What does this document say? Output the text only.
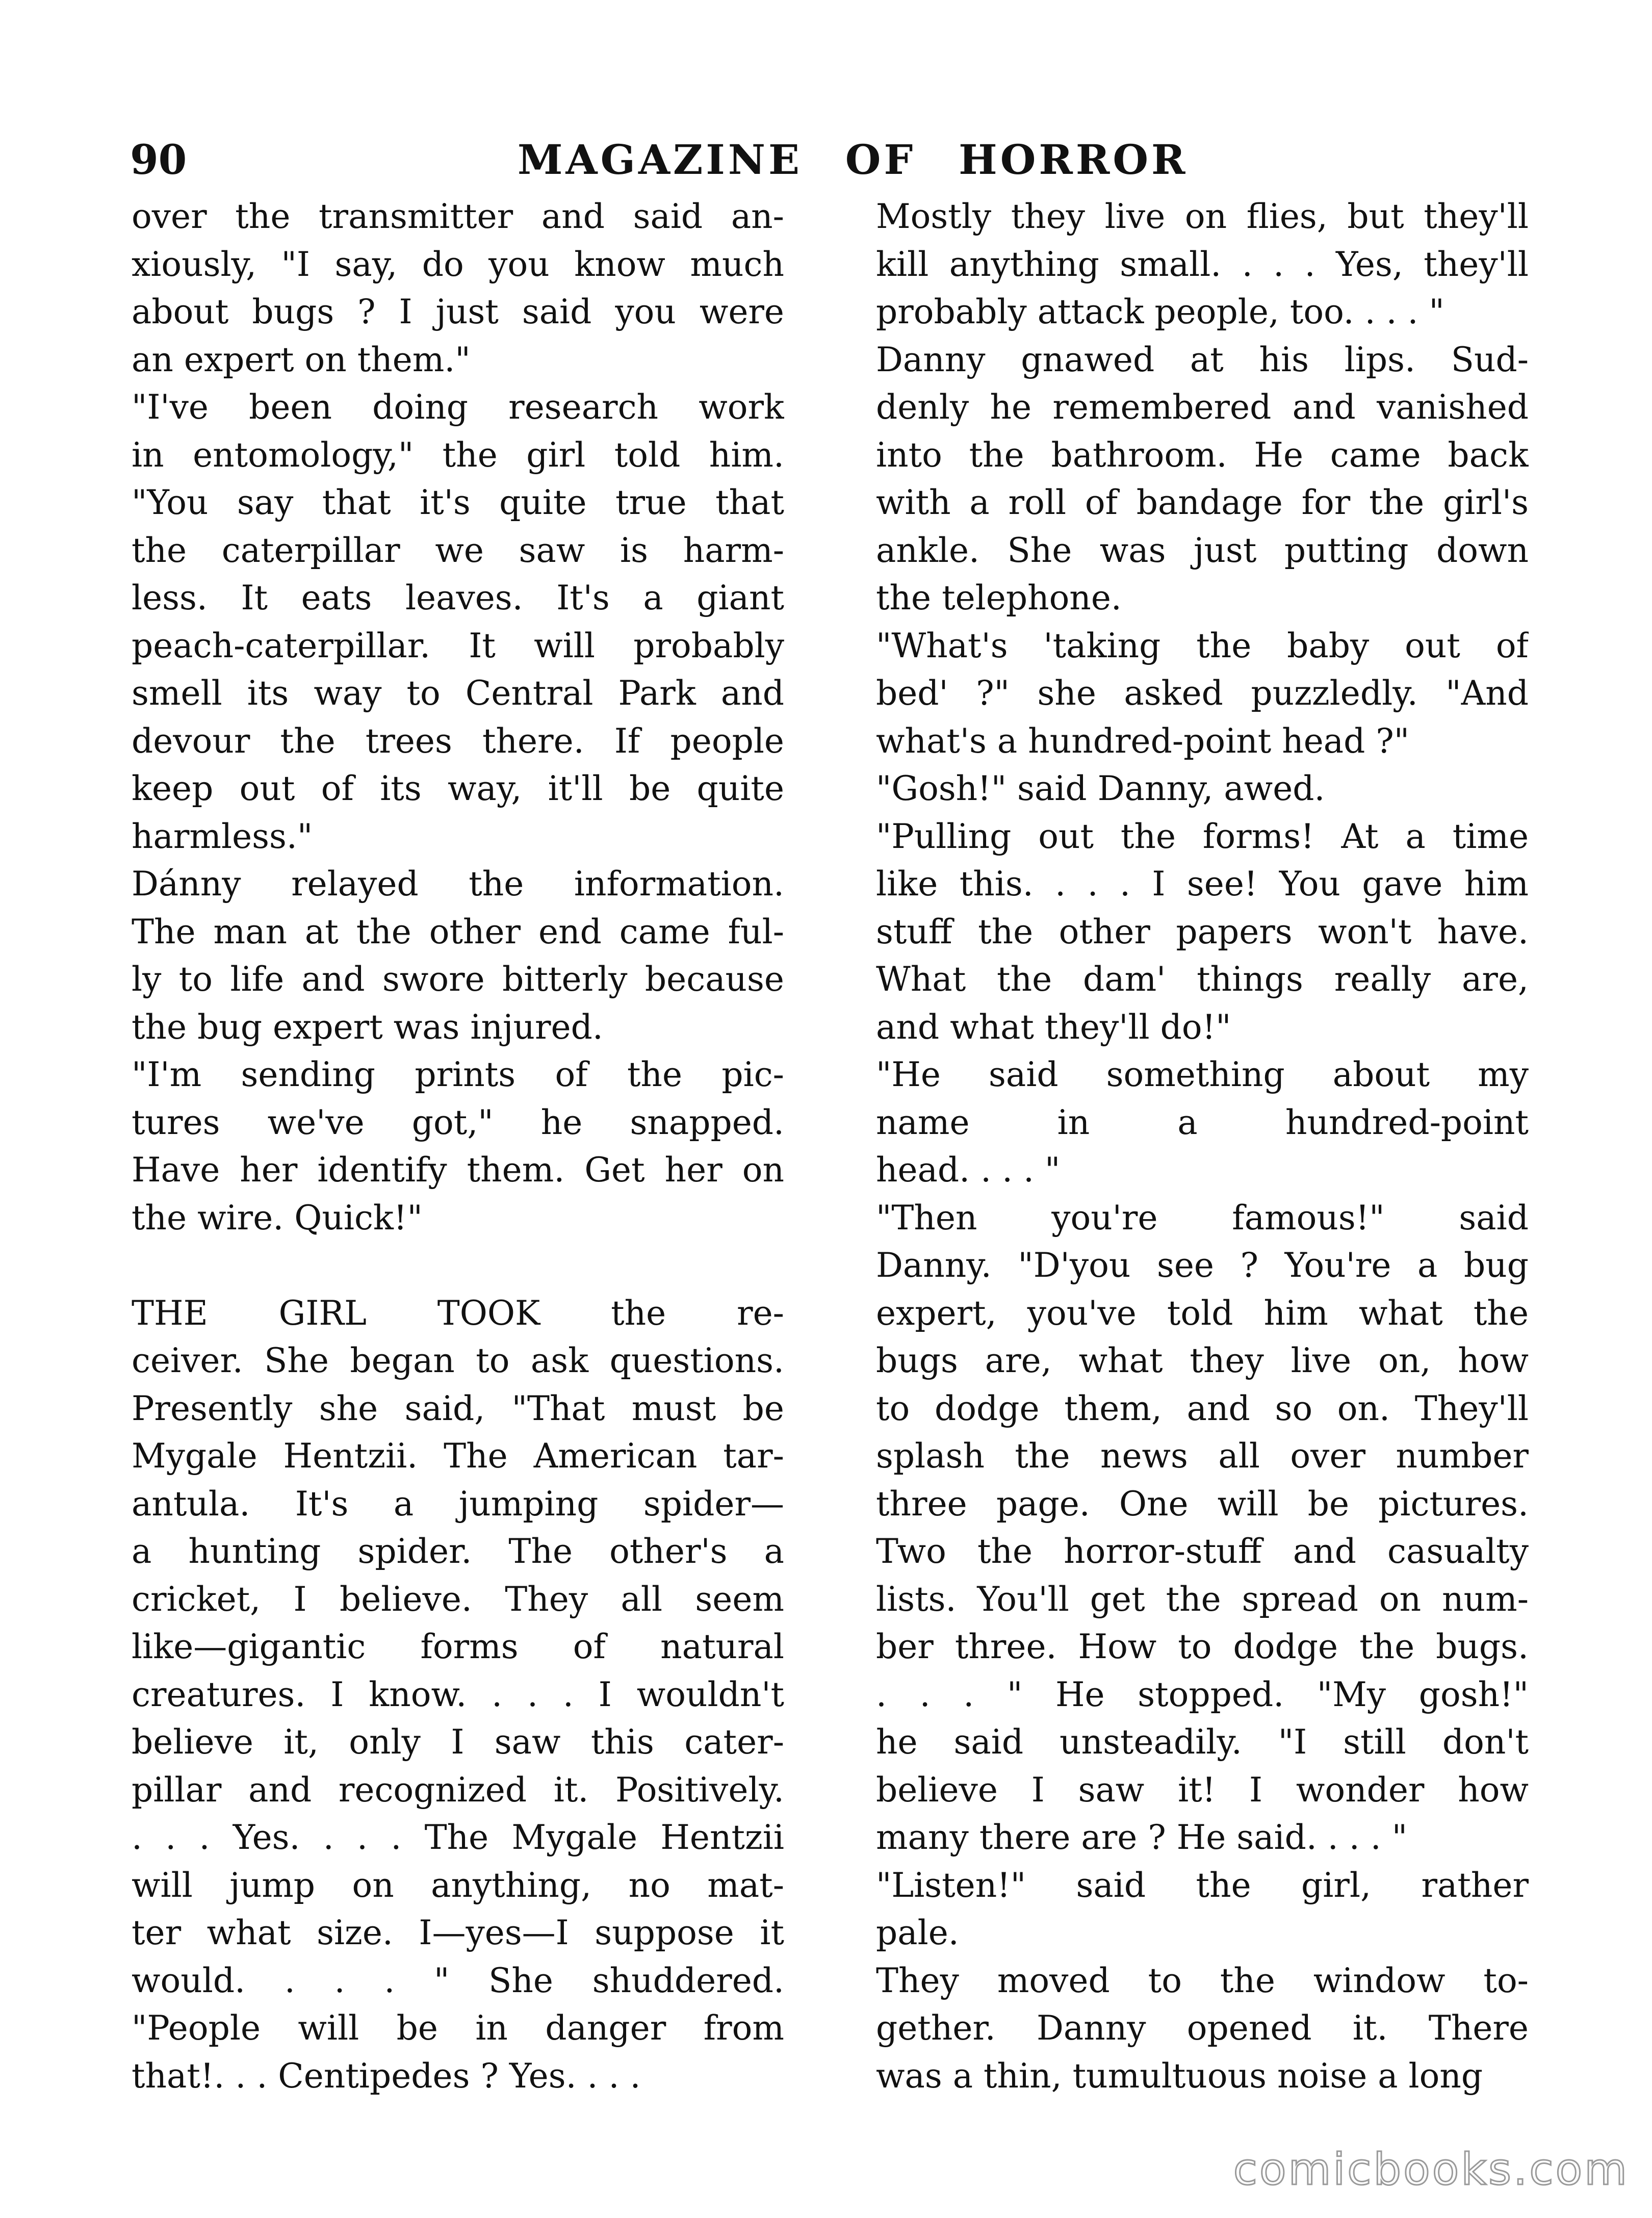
90	MAGAZINE OF HORROR
over the transmitter and said an-
xiously, "I say, do you know much
about bugs ? I just said you were
an expert on them."
"I've been doing research work
in entomology," the girl told him.
"You say that it's quite true that
the caterpillar we saw is harm-
less. It eats leaves. It's a giant
peach-caterpillar. It will probably
smell its way to Central Park and
devour the trees there. If people
keep out of its way, it'll be quite
harmless."
Dánny relayed the information.
The man at the other end came ful-
ly to life and swore bitterly because
the bug expert was injured.
"I'm sending prints of the pic-
tures we've got," he snapped.
Have her identify them. Get her on
the wire. Quick!"
THE GIRL TOOK the re-
ceiver. She began to ask questions.
Presently she said, "That must be
Mygale Hentzii. The American tar-
antula. It's a jumping spider—
a hunting spider. The other's a
cricket, I believe. They all seem
like—gigantic forms of natural
creatures. I know. . . . I wouldn't
believe it, only I saw this cater-
pillar and recognized it. Positively.
. . . Yes. . . . The Mygale Hentzii
will jump on anything, no mat-
ter what size. I—yes—I suppose it
would. . . . " She shuddered.
"People will be in danger from
that!. . . Centipedes ? Yes. . . .
Mostly they live on flies, but they'll
kill anything small. . . . Yes, they'll
probably attack people, too. . . . "
Danny gnawed at his lips. Sud-
denly he remembered and vanished
into the bathroom. He came back
with a roll of bandage for the girl's
ankle. She was just putting down
the telephone.
"What's 'taking the baby out of
bed' ?" she asked puzzledly. "And
what's a hundred-point head ?"
"Gosh!" said Danny, awed.
"Pulling out the forms! At a time
like this. . . . I see! You gave him
stuff the other papers won't have.
What the dam' things really are,
and what they'll do!"
"He said something about my
name in a hundred-point
head. . . . "
"Then you're famous!" said
Danny. "D'you see ? You're a bug
expert, you've told him what the
bugs are, what they live on, how
to dodge them, and so on. They'll
splash the news all over number
three page. One will be pictures.
Two the horror-stuff and casualty
lists. You'll get the spread on num-
ber three. How to dodge the bugs.
. . . " He stopped. "My gosh!"
he said unsteadily. "I still don't
believe I saw it! I wonder how
many there are ? He said. . . . "
"Listen!" said the girl, rather
pale.
They moved to the window to-
gether. Danny opened it. There
was a thin, tumultuous noise a long
comicbooks.com
